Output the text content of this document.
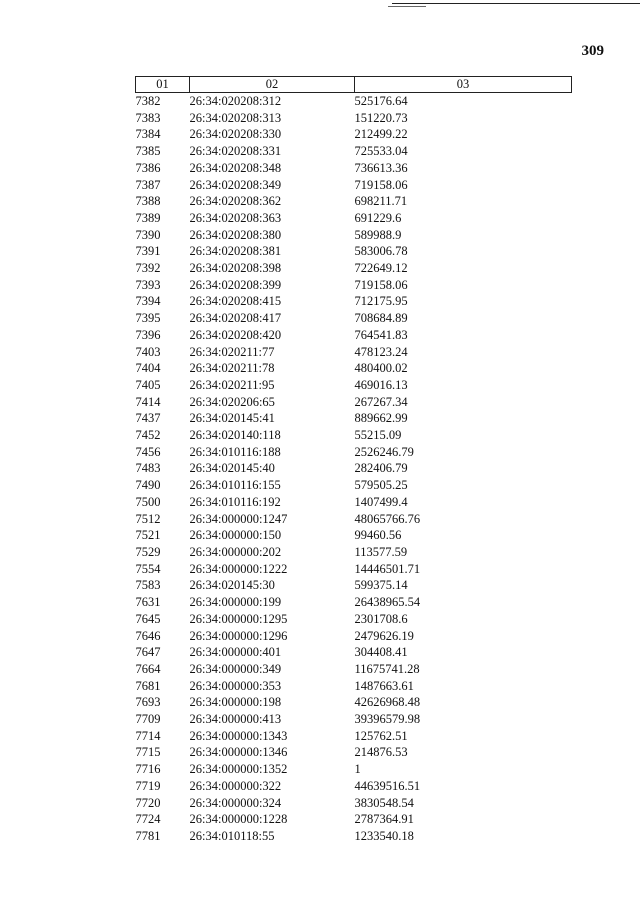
309
01	02	03
7382	26:34:020208:312	525176.64
7383	26:34:020208:313	151220.73
7384	26:34:020208:330	212499.22
7385	26:34:020208:331	725533.04
7386	26:34:020208:348	736613.36
7387	26:34:020208:349	719158.06
7388	26:34:020208:362	698211.71
7389	26:34:020208:363	691229.6
7390	26:34:020208:380	589988.9
7391	26:34:020208:381	583006.78
7392	26:34:020208:398	722649.12
7393	26:34:020208:399	719158.06
7394	26:34:020208:415	712175.95
7395	26:34:020208:417	708684.89
7396	26:34:020208:420	764541.83
7403	26:34:020211:77	478123.24
7404	26:34:020211:78	480400.02
7405	26:34:020211:95	469016.13
7414	26:34:020206:65	267267.34
7437	26:34:020145:41	889662.99
7452	26:34:020140:118	55215.09
7456	26:34:010116:188	2526246.79
7483	26:34:020145:40	282406.79
7490	26:34:010116:155	579505.25
7500	26:34:010116:192	1407499.4
7512	26:34:000000:1247	48065766.76
7521	26:34:000000:150	99460.56
7529	26:34:000000:202	113577.59
7554	26:34:000000:1222	14446501.71
7583	26:34:020145:30	599375.14
7631	26:34:000000:199	26438965.54
7645	26:34:000000:1295	2301708.6
7646	26:34:000000:1296	2479626.19
7647	26:34:000000:401	304408.41
7664	26:34:000000:349	11675741.28
7681	26:34:000000:353	1487663.61
7693	26:34:000000:198	42626968.48
7709	26:34:000000:413	39396579.98
7714	26:34:000000:1343	125762.51
7715	26:34:000000:1346	214876.53
7716	26:34:000000:1352	1
7719	26:34:000000:322	44639516.51
7720	26:34:000000:324	3830548.54
7724	26:34:000000:1228	2787364.91
7781	26:34:010118:55	1233540.18
